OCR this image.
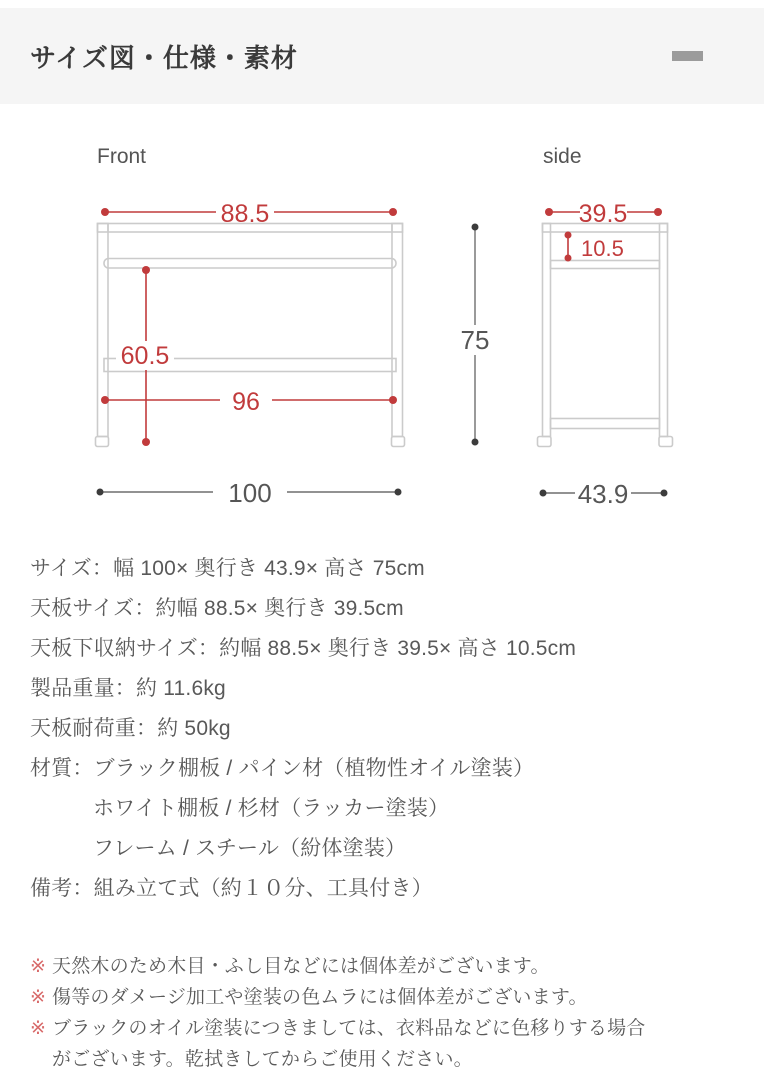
サイズ図・仕様・素材
Front
88.5
60.5
96
100
75
side
39.5
10.5
43.9

サイズ：幅 100× 奥行き 43.9× 高さ 75cm

天板サイズ：約幅 88.5× 奥行き 39.5cm

天板下収納サイズ：約幅 88.5× 奥行き 39.5× 高さ 10.5cm

製品重量：約 11.6kg

天板耐荷重：約 50kg

材質：ブラック棚板 / パイン材（植物性オイル塗装）

ホワイト棚板 / 杉材（ラッカー塗装）

フレーム / スチール（紛体塗装）

備考：組み立て式（約１０分、工具付き）

※ 天然木のため木目・ふし目などには個体差がございます。
※ 傷等のダメージ加工や塗装の色ムラには個体差がございます。
※ ブラックのオイル塗装につきましては、衣料品などに色移りする場合がございます。乾拭きしてからご使用ください。
